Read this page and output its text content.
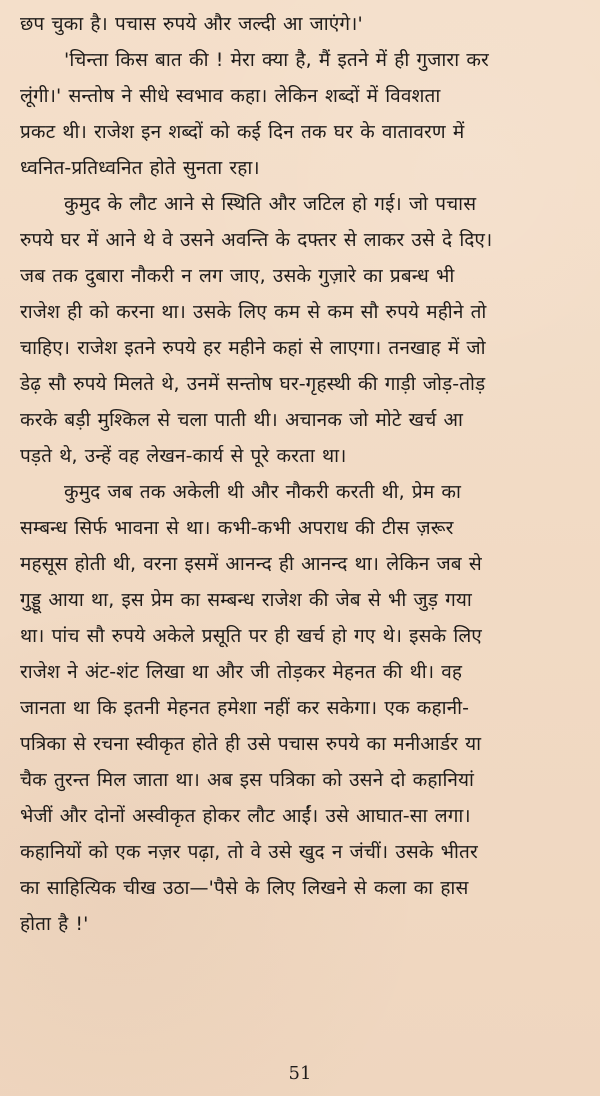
छप चुका है। पचास रुपये और जल्दी आ जाएंगे।'

'चिन्ता किस बात की ! मेरा क्या है, मैं इतने में ही गुजारा कर
लूंगी।' सन्तोष ने सीधे स्वभाव कहा। लेकिन शब्दों में विवशता
प्रकट थी। राजेश इन शब्दों को कई दिन तक घर के वातावरण में
ध्वनित-प्रतिध्वनित होते सुनता रहा।

कुमुद के लौट आने से स्थिति और जटिल हो गई। जो पचास
रुपये घर में आने थे वे उसने अवन्ति के दफ्तर से लाकर उसे दे दिए।
जब तक दुबारा नौकरी न लग जाए, उसके गुज़ारे का प्रबन्ध भी
राजेश ही को करना था। उसके लिए कम से कम सौ रुपये महीने तो
चाहिए। राजेश इतने रुपये हर महीने कहां से लाएगा। तनखाह में जो
डेढ़ सौ रुपये मिलते थे, उनमें सन्तोष घर-गृहस्थी की गाड़ी जोड़-तोड़
करके बड़ी मुश्किल से चला पाती थी। अचानक जो मोटे खर्च आ
पड़ते थे, उन्हें वह लेखन-कार्य से पूरे करता था।

कुमुद जब तक अकेली थी और नौकरी करती थी, प्रेम का
सम्बन्ध सिर्फ भावना से था। कभी-कभी अपराध की टीस ज़रूर
महसूस होती थी, वरना इसमें आनन्द ही आनन्द था। लेकिन जब से
गुड्डू आया था, इस प्रेम का सम्बन्ध राजेश की जेब से भी जुड़ गया
था। पांच सौ रुपये अकेले प्रसूति पर ही खर्च हो गए थे। इसके लिए
राजेश ने अंट-शंट लिखा था और जी तोड़कर मेहनत की थी। वह
जानता था कि इतनी मेहनत हमेशा नहीं कर सकेगा। एक कहानी-
पत्रिका से रचना स्वीकृत होते ही उसे पचास रुपये का मनीआर्डर या
चैक तुरन्त मिल जाता था। अब इस पत्रिका को उसने दो कहानियां
भेजीं और दोनों अस्वीकृत होकर लौट आईं। उसे आघात-सा लगा।
कहानियों को एक नज़र पढ़ा, तो वे उसे खुद न जंचीं। उसके भीतर
का साहित्यिक चीख उठा—'पैसे के लिए लिखने से कला का हास
होता है !'

51
